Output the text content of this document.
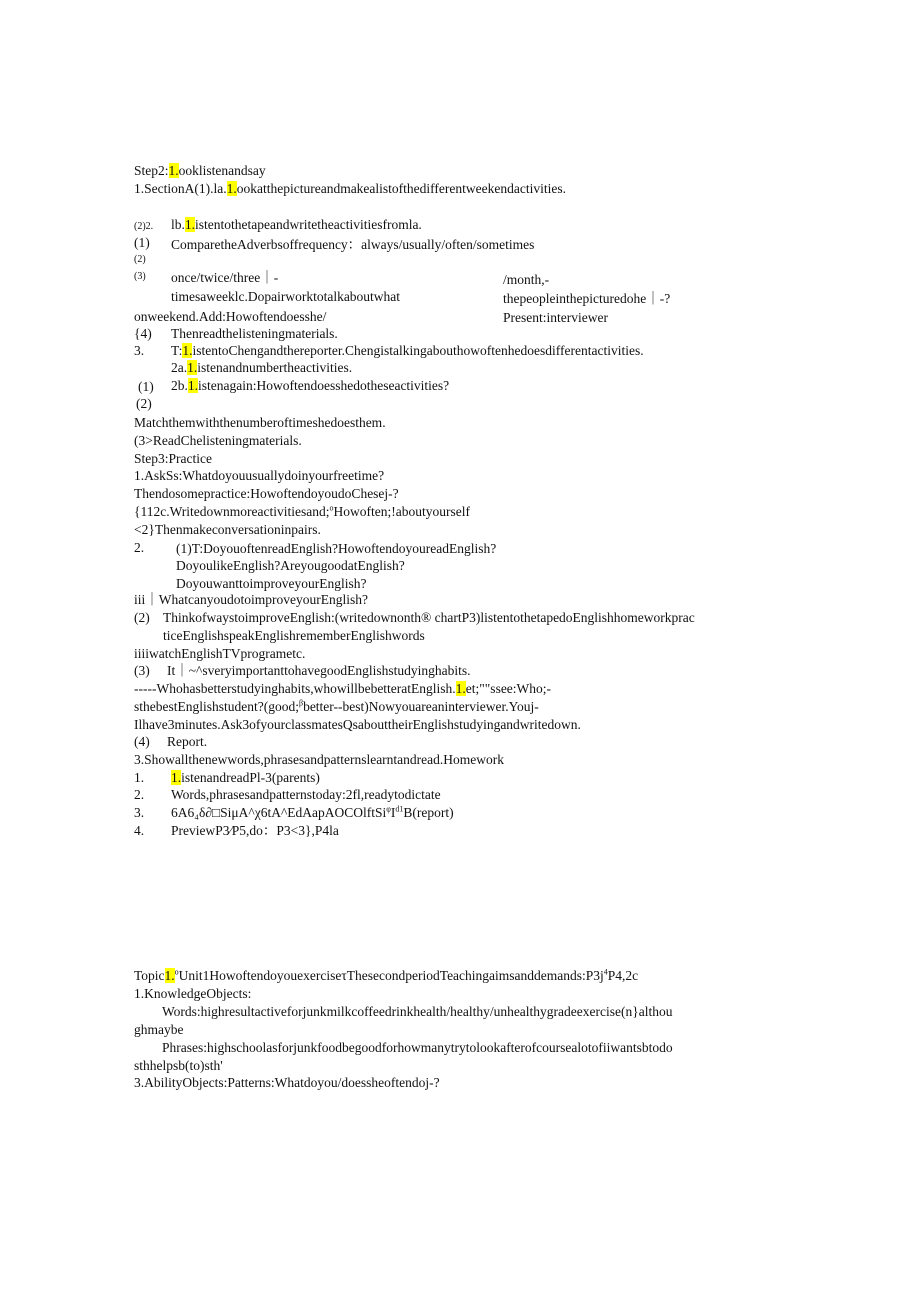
Step2:1.ooklistenandsay
1.SectionA(1).la.1.ookatthepictureandmakealistofthedifferentweekendactivities.
(2)2. lb.1.istentothetapeandwritetheactivitiesfromlа.
(1) ComparetheAdverbsoffrequency：always/usually/often/sometimes
(2)
(3) once/twice/three｜-	/month,-
timesaweeklc.Dopairworktotalkaboutwhat	thepeopleinthepicturedohe｜-?
onweekend.Add:Howoftendoesshe/	Present:interviewer
{4) Thenreadthelisteningmaterials.
3. T:1.istentoChengandthereporter.Chengistalkingabouthowoftenhedoesdifferentactivities.
2a.1.istenandnumbertheactivities.
(1) 2b.1.istenagain:Howoftendoesshedotheseactivities?
(2)
Matchthemwiththenumberoftimeshedoesthem.
(3>ReadChelisteningmaterials.
Step3:Practice
1.AskSs:Whatdoyouusuallydoinyourfreetime?
Thendosomepractice:HowoftendoyoudoChesej-?
{112c.Writedownmoreactivitiesand;$^o$Howoften;!aboutyourself
<2}Thenmakeconversationinpairs.
2. (1)T:DoyouoftenreadEnglish?HowoftendoyoureadEnglish?
DoyoulikeEnglish?AreyougoodatEnglish?
DoyouwanttoimproveyourEnglish?
iii｜WhatcanyoudotoimproveyourEnglish?
(2) ThinkofwaystoimproveEnglish:(writedownonth® chartP3)listentothetapedoEnglishhomeworkprac
ticeEnglishspeakEnglishrememberEnglishwords
iiiiwatchEnglishTVprogrametc.
(3) It｜~^sveryimportanttohavegoodEnglishstudyinghabits.
-----Whohasbetterstudyinghabits,whowillbebetteratEnglish.1.et;""ssee:Who;-
sthebestEnglishstudent?(good;$^\beta$better--best)Nowyouareaninterviewer.Youj-
Ilhave3minutes.Ask3ofyourclassmatesQsabouttheirEnglishstudyingandwritedown.
(4) Report.
3.Showallthenewwords,phrasesandpatternslearntandread.Homework
1. 1.istenandreadPl-3(parents)
2. Words,phrasesandpatternstoday:2fl,readytodictate
3. $6A6_4\delta\partial□Si\mu A\^{}\chi 6tA\^{}EdAapAOCOlftSi^\varphi I^{d1}B(report)$
4. PreviewP3⁄P5,do：P3<3},P4la
$Topic1.^oUnit1Howoftendoyouexercise\tau ThesecondperiodTeachingaimsanddemands:P3j^4P4,2c$
1.KnowledgeObjects:
Words:highresultactiveforjunkmilkcoffeedrinkhealth/healthy/unhealthygradeexercise(n}althou
ghmaybe
Phrases:highschoolasforjunkfoodbegoodforhowmanytrytolookafterofcoursealotofiiwantsbtodo
sthhelpsb(to)sth'
3.AbilityObjects:Patterns:Whatdoyou/doessheoftendoj-?
